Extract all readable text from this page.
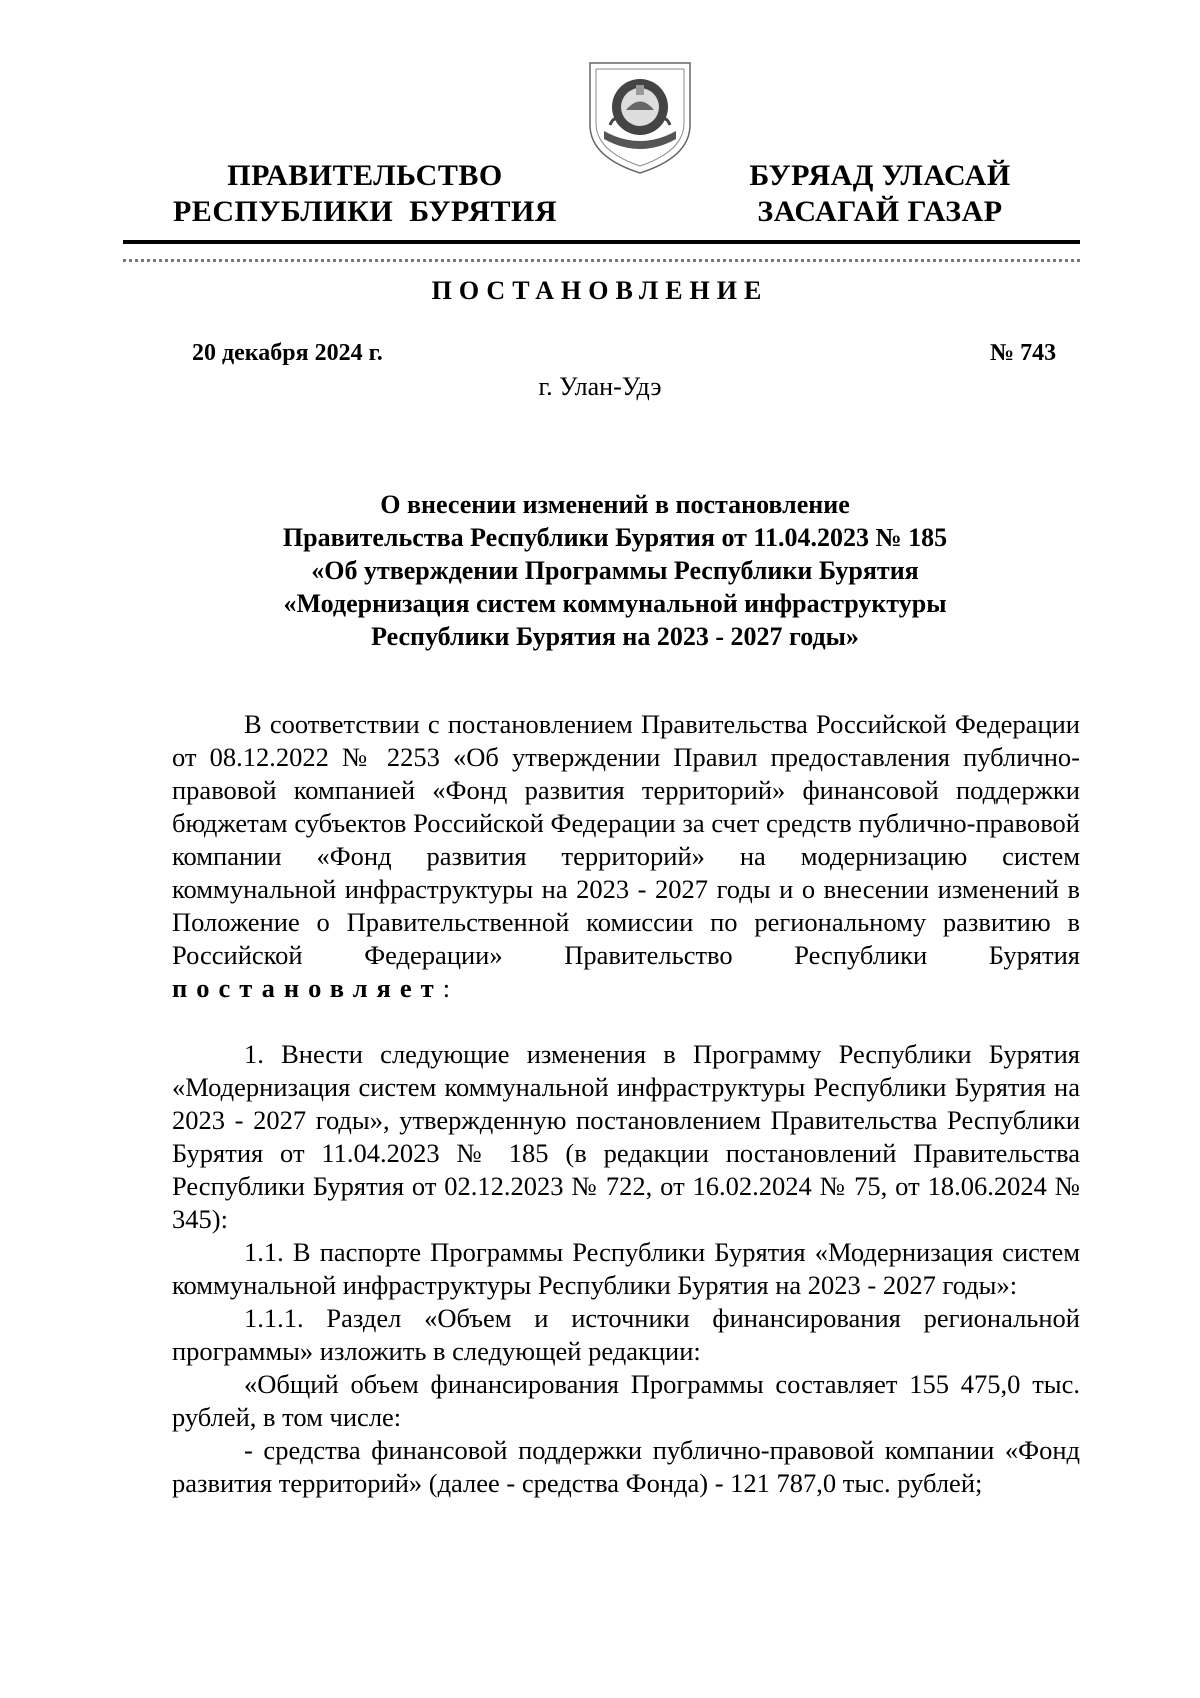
ПРАВИТЕЛЬСТВО
РЕСПУБЛИКИ  БУРЯТИЯ
БУРЯАД УЛАСАЙ
ЗАСАГАЙ ГАЗАР
ПОСТАНОВЛЕНИЕ
20 декабря 2024 г.	№ 743
г. Улан-Удэ
О внесении изменений в постановление
Правительства Республики Бурятия от 11.04.2023 № 185
«Об утверждении Программы Республики Бурятия
«Модернизация систем коммунальной инфраструктуры
Республики Бурятия на 2023 - 2027 годы»

В соответствии с постановлением Правительства Российской Федерации от 08.12.2022 № 2253 «Об утверждении Правил предоставления публично-правовой компанией «Фонд развития территорий» финансовой поддержки бюджетам субъектов Российской Федерации за счет средств публично-правовой компании «Фонд развития территорий» на модернизацию систем коммунальной инфраструктуры на 2023 - 2027 годы и о внесении изменений в Положение о Правительственной комиссии по региональному развитию в Российской Федерации» Правительство Республики Бурятия постановляет:

1. Внести следующие изменения в Программу Республики Бурятия «Модернизация систем коммунальной инфраструктуры Республики Бурятия на 2023 - 2027 годы», утвержденную постановлением Правительства Республики Бурятия от 11.04.2023 № 185 (в редакции постановлений Правительства Республики Бурятия от 02.12.2023 № 722, от 16.02.2024 № 75, от 18.06.2024 № 345):

1.1. В паспорте Программы Республики Бурятия «Модернизация систем коммунальной инфраструктуры Республики Бурятия на 2023 - 2027 годы»:

1.1.1. Раздел «Объем и источники финансирования региональной программы» изложить в следующей редакции:

«Общий объем финансирования Программы составляет 155 475,0 тыс. рублей, в том числе:

- средства финансовой поддержки публично-правовой компании «Фонд развития территорий» (далее - средства Фонда) - 121 787,0 тыс. рублей;
